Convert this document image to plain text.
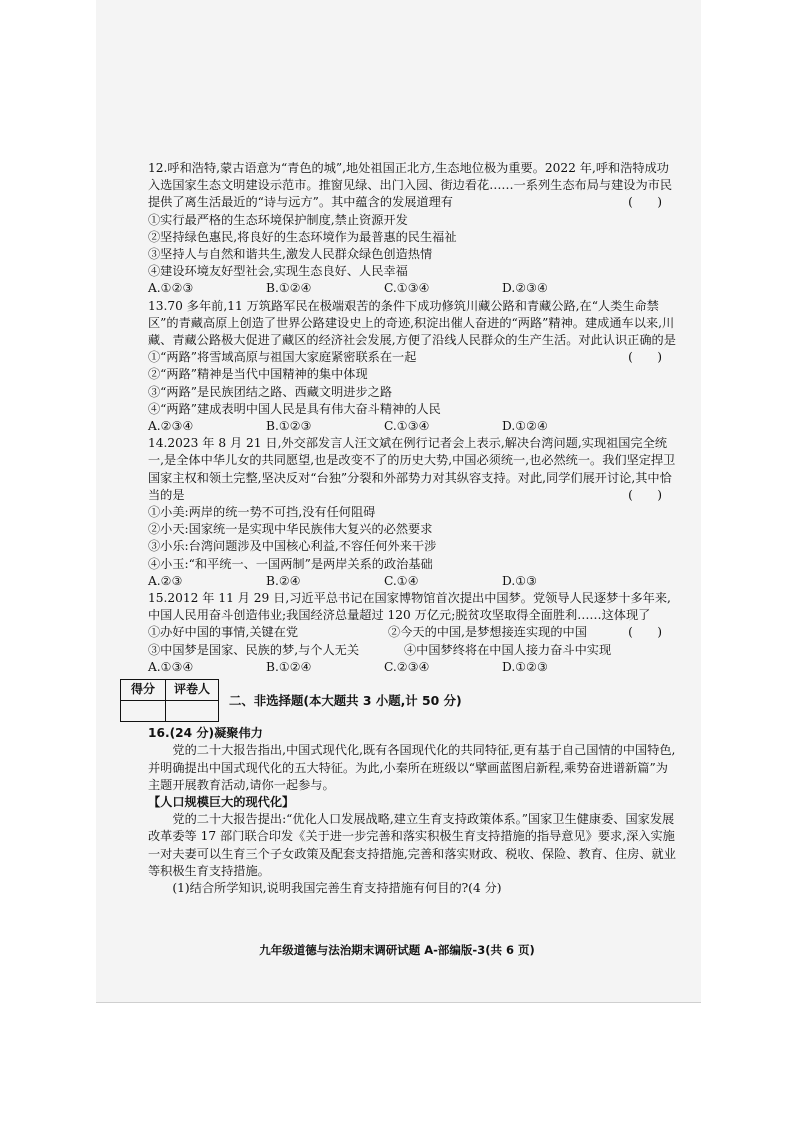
12.呼和浩特,蒙古语意为“青色的城”,地处祖国正北方,生态地位极为重要。2022 年,呼和浩特成功入选国家生态文明建设示范市。推窗见绿、出门入园、街边看花……一系列生态布局与建设为市民提供了离生活最近的“诗与远方”。其中蕴含的发展道理有	(　　)

①实行最严格的生态环境保护制度,禁止资源开发

②坚持绿色惠民,将良好的生态环境作为最普惠的民生福祉

③坚持人与自然和谐共生,激发人民群众绿色创造热情

④建设环境友好型社会,实现生态良好、人民幸福

A.①②③	B.①②④	C.①③④	D.②③④

13.70 多年前,11 万筑路军民在极端艰苦的条件下成功修筑川藏公路和青藏公路,在“人类生命禁区”的青藏高原上创造了世界公路建设史上的奇迹,积淀出催人奋进的“两路”精神。建成通车以来,川藏、青藏公路极大促进了藏区的经济社会发展,方便了沿线人民群众的生产生活。对此认识正确的是
(　　)

①“两路”将雪域高原与祖国大家庭紧密联系在一起

②“两路”精神是当代中国精神的集中体现

③“两路”是民族团结之路、西藏文明进步之路

④“两路”建成表明中国人民是具有伟大奋斗精神的人民

A.②③④	B.①②③	C.①③④	D.①②④

14.2023 年 8 月 21 日,外交部发言人汪文斌在例行记者会上表示,解决台湾问题,实现祖国完全统一,是全体中华儿女的共同愿望,也是改变不了的历史大势,中国必须统一,也必然统一。我们坚定捍卫国家主权和领土完整,坚决反对“台独”分裂和外部势力对其纵容支持。对此,同学们展开讨论,其中恰当的是	(　　)

①小美:两岸的统一势不可挡,没有任何阻碍

②小天:国家统一是实现中华民族伟大复兴的必然要求

③小乐:台湾问题涉及中国核心利益,不容任何外来干涉

④小玉:“和平统一、一国两制”是两岸关系的政治基础

A.②③	B.②④	C.①④	D.①③

15.2012 年 11 月 29 日,习近平总书记在国家博物馆首次提出中国梦。党领导人民逐梦十多年来,中国人民用奋斗创造伟业;我国经济总量超过 120 万亿元;脱贫攻坚取得全面胜利……这体现了
(　　)

①办好中国的事情,关键在党	②今天的中国,是梦想接连实现的中国
③中国梦是国家、民族的梦,与个人无关	④中国梦终将在中国人接力奋斗中实现
A.①③④	B.①②④	C.②③④	D.①②③
得分	评卷人

二、非选择题(本大题共 3 小题,计 50 分)

16.(24 分)凝聚伟力

党的二十大报告指出,中国式现代化,既有各国现代化的共同特征,更有基于自己国情的中国特色,并明确提出中国式现代化的五大特征。为此,小秦所在班级以“擘画蓝图启新程,乘势奋进谱新篇”为主题开展教育活动,请你一起参与。

【人口规模巨大的现代化】

党的二十大报告提出:“优化人口发展战略,建立生育支持政策体系。”国家卫生健康委、国家发展改革委等 17 部门联合印发《关于进一步完善和落实积极生育支持措施的指导意见》要求,深入实施一对夫妻可以生育三个子女政策及配套支持措施,完善和落实财政、税收、保险、教育、住房、就业等积极生育支持措施。

(1)结合所学知识,说明我国完善生育支持措施有何目的?(4 分)

九年级道德与法治期末调研试题 A-部编版-3(共 6 页)
